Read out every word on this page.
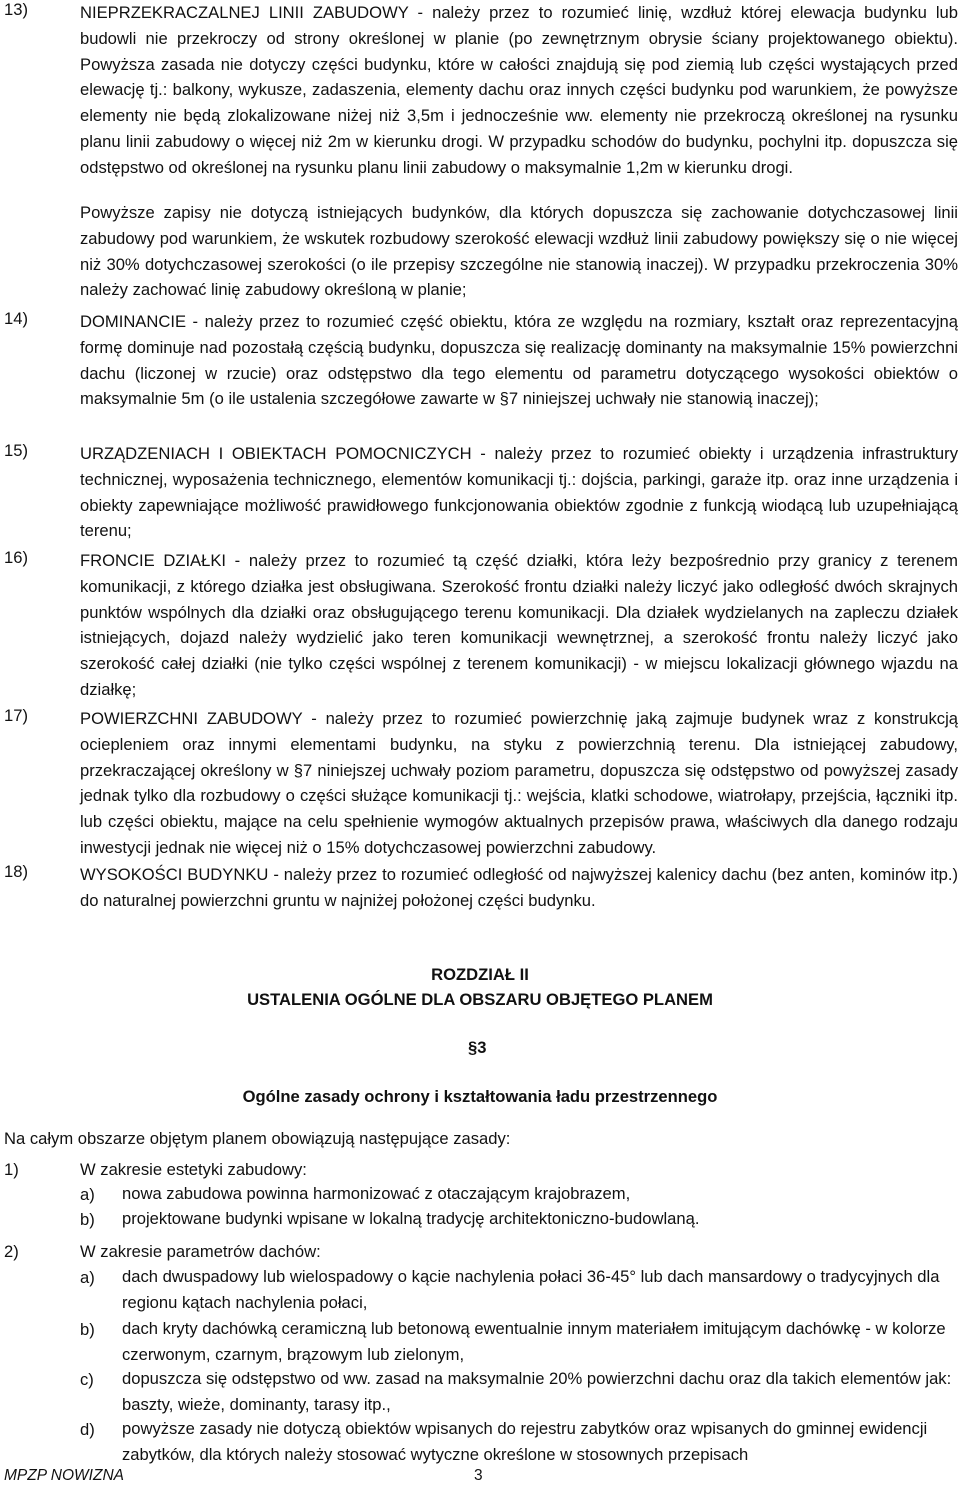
13)	NIEPRZEKRACZALNEJ LINII ZABUDOWY - należy przez to rozumieć linię, wzdłuż której elewacja budynku lub budowli nie przekroczy od strony określonej w planie (po zewnętrznym obrysie ściany projektowanego obiektu). Powyższa zasada nie dotyczy części budynku, które w całości znajdują się pod ziemią lub części wystających przed elewację tj.: balkony, wykusze, zadaszenia, elementy dachu oraz innych części budynku pod warunkiem, że powyższe elementy nie będą zlokalizowane niżej niż 3,5m i jednocześnie ww. elementy nie przekroczą określonej na rysunku planu linii zabudowy o więcej niż 2m w kierunku drogi. W przypadku schodów do budynku, pochylni itp. dopuszcza się odstępstwo od określonej na rysunku planu linii zabudowy o maksymalnie 1,2m w kierunku drogi.
Powyższe zapisy nie dotyczą istniejących budynków, dla których dopuszcza się zachowanie dotychczasowej linii zabudowy pod warunkiem, że wskutek rozbudowy szerokość elewacji wzdłuż linii zabudowy powiększy się o nie więcej niż 30% dotychczasowej szerokości (o ile przepisy szczególne nie stanowią inaczej). W przypadku przekroczenia 30% należy zachować linię zabudowy określoną w planie;
14)	DOMINANCIE - należy przez to rozumieć część obiektu, która ze względu na rozmiary, kształt oraz reprezentacyjną formę dominuje nad pozostałą częścią budynku, dopuszcza się realizację dominanty na maksymalnie 15% powierzchni dachu (liczonej w rzucie) oraz odstępstwo dla tego elementu od parametru dotyczącego wysokości obiektów o maksymalnie 5m (o ile ustalenia szczegółowe zawarte w §7 niniejszej uchwały nie stanowią inaczej);
15)	URZĄDZENIACH I OBIEKTACH POMOCNICZYCH - należy przez to rozumieć obiekty i urządzenia infrastruktury technicznej, wyposażenia technicznego, elementów komunikacji tj.: dojścia, parkingi, garaże itp. oraz inne urządzenia i obiekty zapewniające możliwość prawidłowego funkcjonowania obiektów zgodnie z funkcją wiodącą lub uzupełniającą terenu;
16)	FRONCIE DZIAŁKI - należy przez to rozumieć tą część działki, która leży bezpośrednio przy granicy z terenem komunikacji, z którego działka jest obsługiwana. Szerokość frontu działki należy liczyć jako odległość dwóch skrajnych punktów wspólnych dla działki oraz obsługującego terenu komunikacji. Dla działek wydzielanych na zapleczu działek istniejących, dojazd należy wydzielić jako teren komunikacji wewnętrznej, a szerokość frontu należy liczyć jako szerokość całej działki (nie tylko części wspólnej z terenem komunikacji) - w miejscu lokalizacji głównego wjazdu na działkę;
17)	POWIERZCHNI ZABUDOWY - należy przez to rozumieć powierzchnię jaką zajmuje budynek wraz z konstrukcją ociepleniem oraz innymi elementami budynku, na styku z powierzchnią terenu. Dla istniejącej zabudowy, przekraczającej określony w §7 niniejszej uchwały poziom parametru, dopuszcza się odstępstwo od powyższej zasady jednak tylko dla rozbudowy o części służące komunikacji tj.: wejścia, klatki schodowe, wiatrołapy, przejścia, łączniki itp. lub części obiektu, mające na celu spełnienie wymogów aktualnych przepisów prawa, właściwych dla danego rodzaju inwestycji jednak nie więcej niż o 15% dotychczasowej powierzchni zabudowy.
18)	WYSOKOŚCI BUDYNKU - należy przez to rozumieć odległość od najwyższej kalenicy dachu (bez anten, kominów itp.) do naturalnej powierzchni gruntu w najniżej położonej części budynku.
ROZDZIAŁ II
USTALENIA OGÓLNE DLA OBSZARU OBJĘTEGO PLANEM
§3
Ogólne zasady ochrony i kształtowania ładu przestrzennego
Na całym obszarze objętym planem obowiązują następujące zasady:
1)	W zakresie estetyki zabudowy:
a) nowa zabudowa powinna harmonizować z otaczającym krajobrazem,
b) projektowane budynki wpisane w lokalną tradycję architektoniczno-budowlaną.
2)	W zakresie parametrów dachów:
a) dach dwuspadowy lub wielospadowy o kącie nachylenia połaci 36-45° lub dach mansardowy o tradycyjnych dla regionu kątach nachylenia połaci,
b) dach kryty dachówką ceramiczną lub betonową ewentualnie innym materiałem imitującym dachówkę - w kolorze czerwonym, czarnym, brązowym lub zielonym,
c) dopuszcza się odstępstwo od ww. zasad na maksymalnie 20% powierzchni dachu oraz dla takich elementów jak: baszty, wieże, dominanty, tarasy itp.,
d) powyższe zasady nie dotyczą obiektów wpisanych do rejestru zabytków oraz wpisanych do gminnej ewidencji zabytków, dla których należy stosować wytyczne określone w stosownych przepisach
MPZP NOWIZNA	3
